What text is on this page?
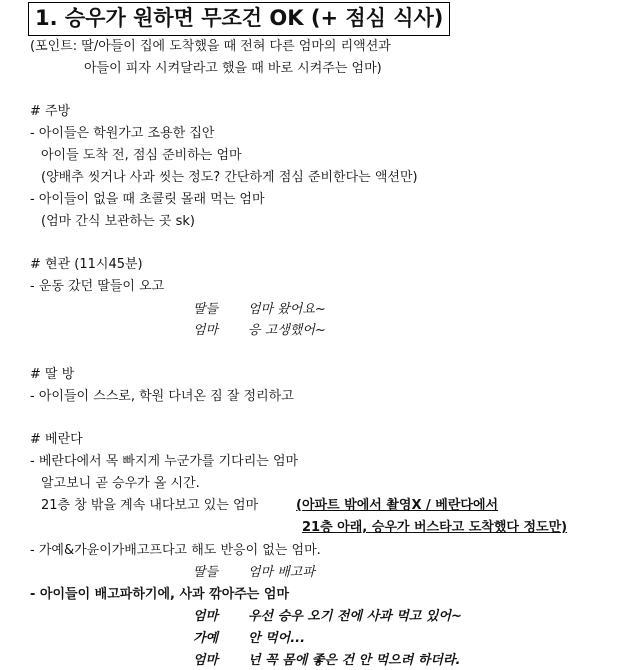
1. 승우가 원하면 무조건 OK (+ 점심 식사)
(포인트: 딸/아들이 집에 도착했을 때 전혀 다른 엄마의 리액션과
아들이 피자 시켜달라고 했을 때 바로 시켜주는 엄마)
# 주방
- 아이들은 학원가고 조용한 집안
아이들 도착 전, 점심 준비하는 엄마
(양배추 씻거나 사과 씻는 정도? 간단하게 점심 준비한다는 액션만)
- 아이들이 없을 때 초콜릿 몰래 먹는 엄마
(엄마 간식 보관하는 곳 sk)
# 현관 (11시45분)
- 운동 갔던 딸들이 오고
딸들 엄마 왔어요~
엄마 응 고생했어~
# 딸 방
- 아이들이 스스로, 학원 다녀온 짐 잘 정리하고
# 베란다
- 베란다에서 목 빠지게 누군가를 기다리는 엄마
알고보니 곧 승우가 올 시간.
21층 창 밖을 계속 내다보고 있는 엄마	(아파트 밖에서 촬영X / 베란다에서
21층 아래, 승우가 버스타고 도착했다 정도만)
- 가예&가윤이가배고프다고 해도 반응이 없는 엄마.
딸들 엄마 배고파
- 아이들이 배고파하기에, 사과 깎아주는 엄마
엄마 우선 승우 오기 전에 사과 먹고 있어~
가예 안 먹어...
엄마 넌 꼭 몸에 좋은 건 안 먹으려 하더라.
